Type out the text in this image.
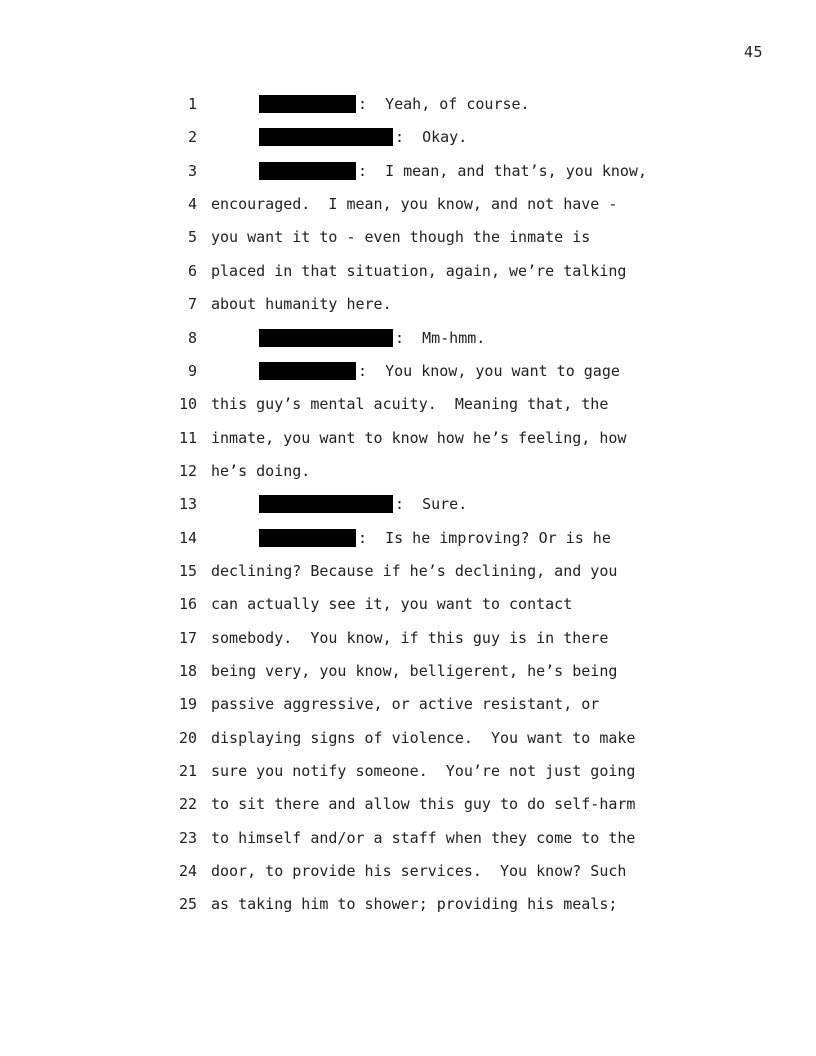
45
1	:  Yeah, of course.
2	:  Okay.
3	:  I mean, and that’s, you know,
4 encouraged.  I mean, you know, and not have -
5 you want it to - even though the inmate is
6 placed in that situation, again, we’re talking
7 about humanity here.
8	:  Mm-hmm.
9	:  You know, you want to gage
10 this guy’s mental acuity.  Meaning that, the
11 inmate, you want to know how he’s feeling, how
12 he’s doing.
13	:  Sure.
14	:  Is he improving? Or is he
15 declining? Because if he’s declining, and you
16 can actually see it, you want to contact
17 somebody.  You know, if this guy is in there
18 being very, you know, belligerent, he’s being
19 passive aggressive, or active resistant, or
20 displaying signs of violence.  You want to make
21 sure you notify someone.  You’re not just going
22 to sit there and allow this guy to do self-harm
23 to himself and/or a staff when they come to the
24 door, to provide his services.  You know? Such
25 as taking him to shower; providing his meals;
